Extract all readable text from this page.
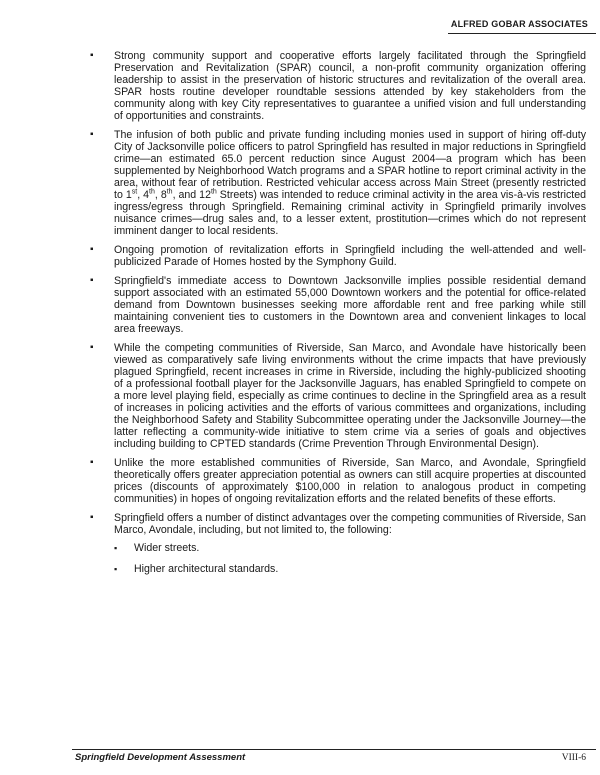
ALFRED GOBAR ASSOCIATES
▪ Strong community support and cooperative efforts largely facilitated through the Springfield Preservation and Revitalization (SPAR) council, a non-profit community organization offering leadership to assist in the preservation of historic structures and revitalization of the overall area. SPAR hosts routine developer roundtable sessions attended by key stakeholders from the community along with key City representatives to guarantee a unified vision and full understanding of opportunities and constraints.
▪ The infusion of both public and private funding including monies used in support of hiring off-duty City of Jacksonville police officers to patrol Springfield has resulted in major reductions in Springfield crime—an estimated 65.0 percent reduction since August 2004—a program which has been supplemented by Neighborhood Watch programs and a SPAR hotline to report criminal activity in the area, without fear of retribution. Restricted vehicular access across Main Street (presently restricted to 1st, 4th, 8th, and 12th Streets) was intended to reduce criminal activity in the area vis-à-vis restricted ingress/egress through Springfield. Remaining criminal activity in Springfield primarily involves nuisance crimes—drug sales and, to a lesser extent, prostitution—crimes which do not represent imminent danger to local residents.
▪ Ongoing promotion of revitalization efforts in Springfield including the well-attended and well-publicized Parade of Homes hosted by the Symphony Guild.
▪ Springfield's immediate access to Downtown Jacksonville implies possible residential demand support associated with an estimated 55,000 Downtown workers and the potential for office-related demand from Downtown businesses seeking more affordable rent and free parking while still maintaining convenient ties to customers in the Downtown area and convenient linkages to local area freeways.
▪ While the competing communities of Riverside, San Marco, and Avondale have historically been viewed as comparatively safe living environments without the crime impacts that have previously plagued Springfield, recent increases in crime in Riverside, including the highly-publicized shooting of a professional football player for the Jacksonville Jaguars, has enabled Springfield to compete on a more level playing field, especially as crime continues to decline in the Springfield area as a result of increases in policing activities and the efforts of various committees and organizations, including the Neighborhood Safety and Stability Subcommittee operating under the Jacksonville Journey—the latter reflecting a community-wide initiative to stem crime via a series of goals and objectives including building to CPTED standards (Crime Prevention Through Environmental Design).
▪ Unlike the more established communities of Riverside, San Marco, and Avondale, Springfield theoretically offers greater appreciation potential as owners can still acquire properties at discounted prices (discounts of approximately $100,000 in relation to analogous product in competing communities) in hopes of ongoing revitalization efforts and the related benefits of these efforts.
▪ Springfield offers a number of distinct advantages over the competing communities of Riverside, San Marco, Avondale, including, but not limited to, the following:
▪ Wider streets.
▪ Higher architectural standards.
Springfield Development Assessment	VIII-6
